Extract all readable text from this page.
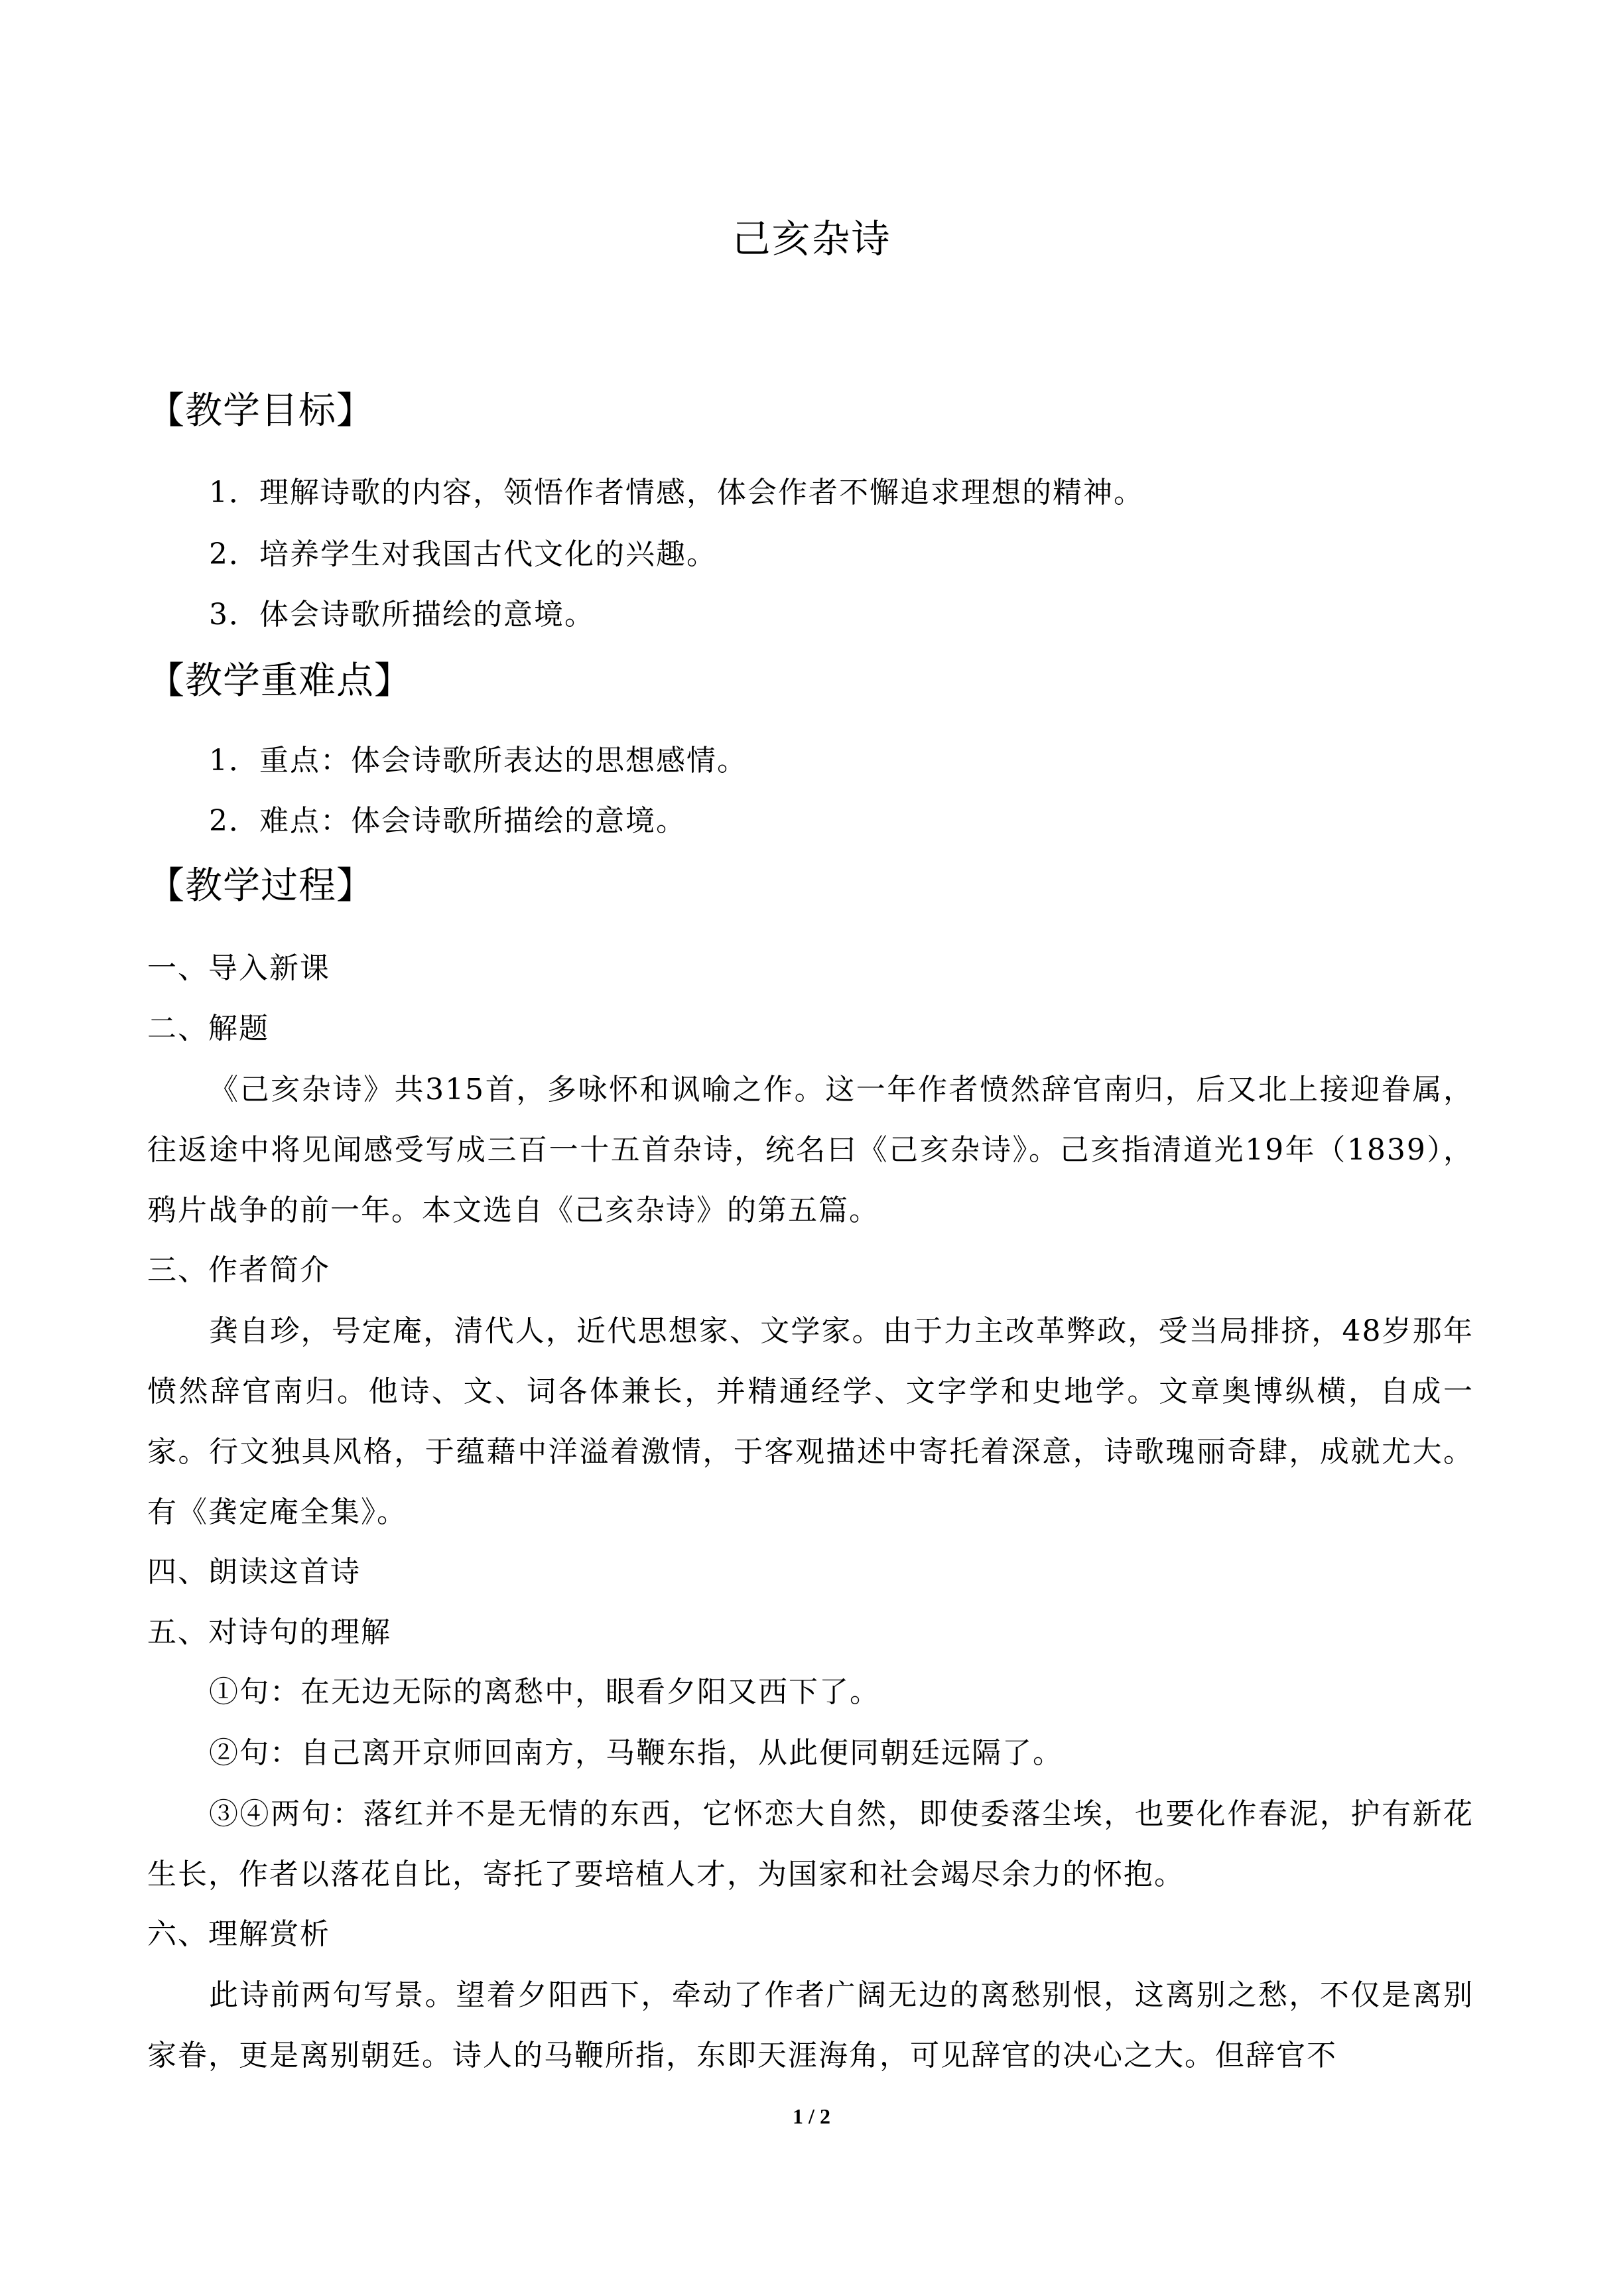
己亥杂诗
【教学目标】
1．理解诗歌的内容，领悟作者情感，体会作者不懈追求理想的精神。
2．培养学生对我国古代文化的兴趣。
3．体会诗歌所描绘的意境。
【教学重难点】
1．重点：体会诗歌所表达的思想感情。
2．难点：体会诗歌所描绘的意境。
【教学过程】
一、导入新课
二、解题

《己亥杂诗》共315首，多咏怀和讽喻之作。这一年作者愤然辞官南归，后又北上接迎眷属，往返途中将见闻感受写成三百一十五首杂诗，统名曰《己亥杂诗》。己亥指清道光19年（1839），鸦片战争的前一年。本文选自《己亥杂诗》的第五篇。

三、作者简介

龚自珍，号定庵，清代人，近代思想家、文学家。由于力主改革弊政，受当局排挤，48岁那年愤然辞官南归。他诗、文、词各体兼长，并精通经学、文字学和史地学。文章奥博纵横，自成一家。行文独具风格，于蕴藉中洋溢着激情，于客观描述中寄托着深意，诗歌瑰丽奇肆，成就尤大。有《龚定庵全集》。

四、朗读这首诗
五、对诗句的理解
①句：在无边无际的离愁中，眼看夕阳又西下了。
②句：自己离开京师回南方，马鞭东指，从此便同朝廷远隔了。

③④两句：落红并不是无情的东西，它怀恋大自然，即使委落尘埃，也要化作春泥，护有新花生长，作者以落花自比，寄托了要培植人才，为国家和社会竭尽余力的怀抱。

六、理解赏析

此诗前两句写景。望着夕阳西下，牵动了作者广阔无边的离愁别恨，这离别之愁，不仅是离别家眷，更是离别朝廷。诗人的马鞭所指，东即天涯海角，可见辞官的决心之大。但辞官不

1 / 2
